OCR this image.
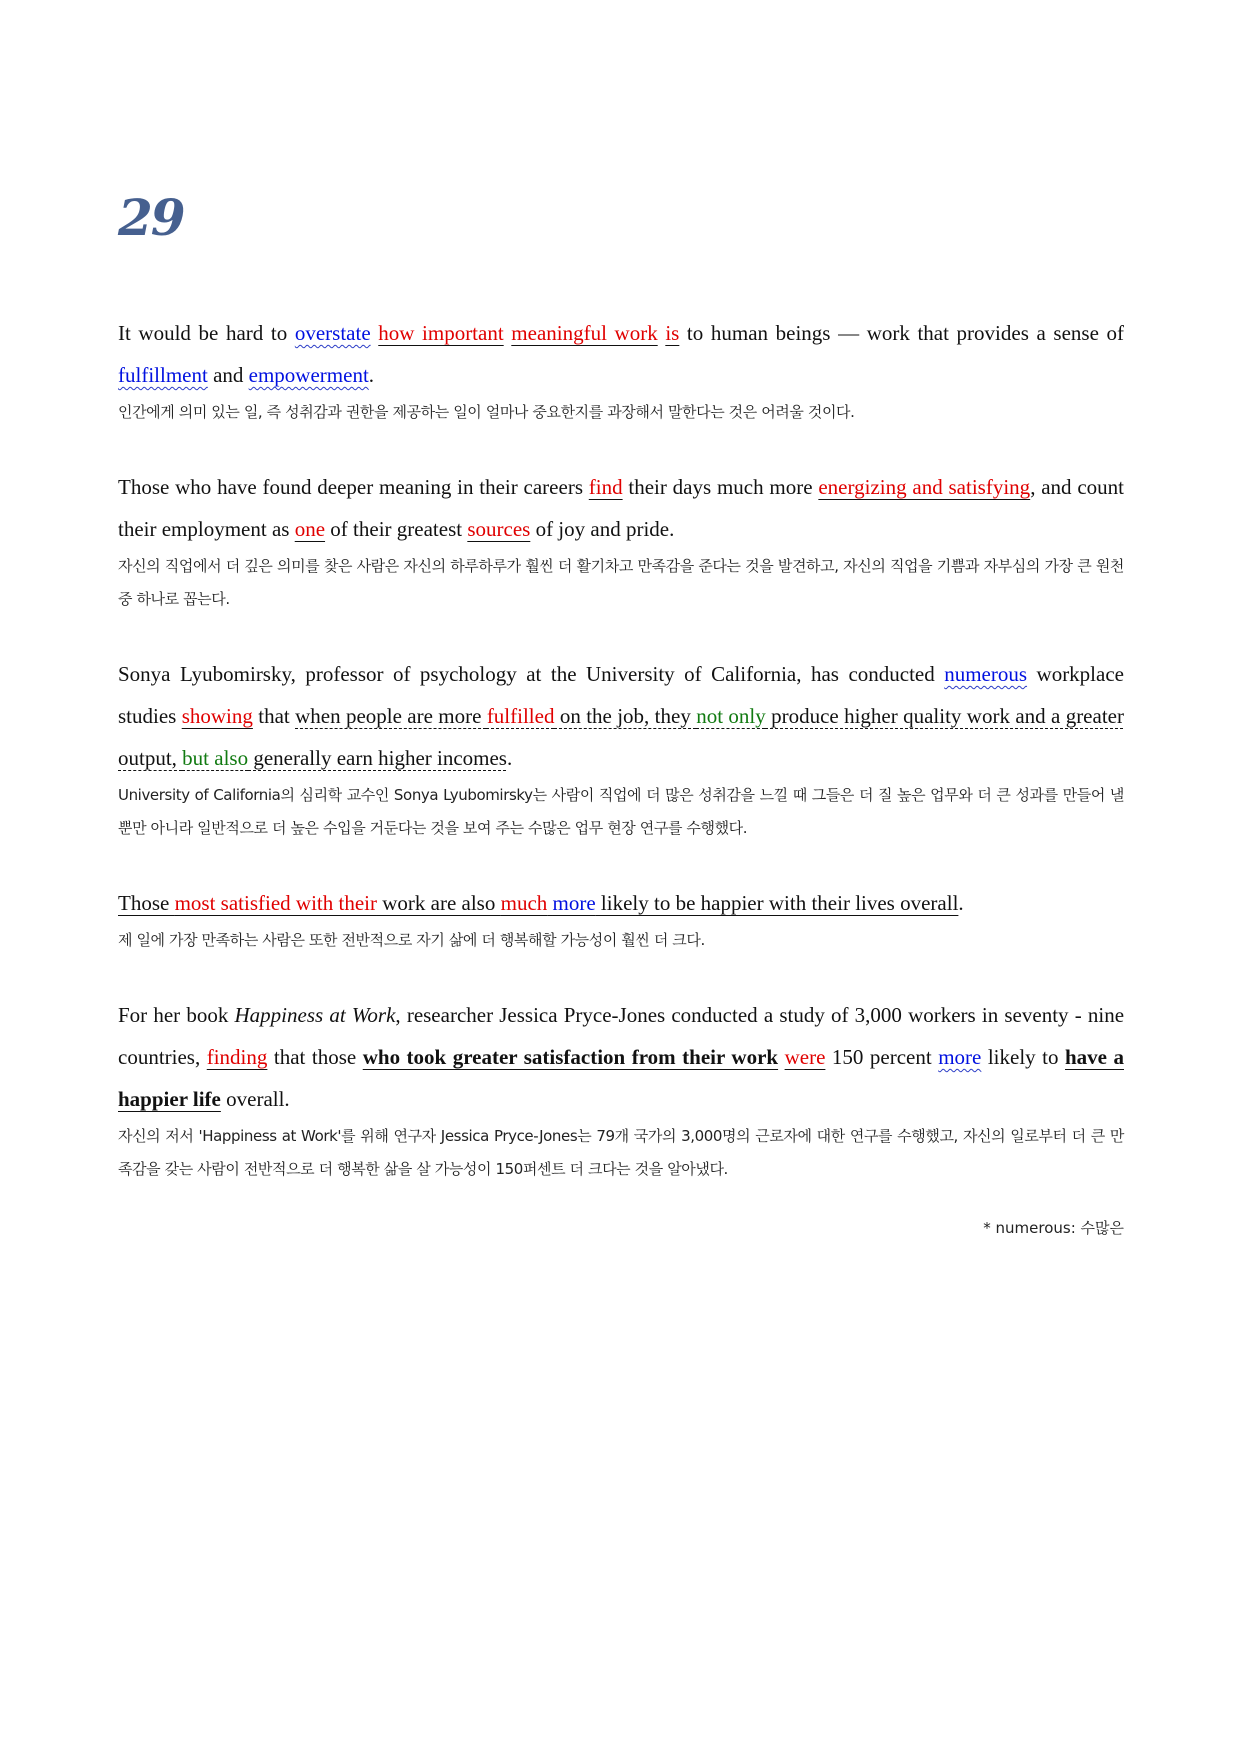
29

It would be hard to overstate how important meaningful work is to human beings — work that provides a sense of fulfillment and empowerment.

인간에게 의미 있는 일, 즉 성취감과 권한을 제공하는 일이 얼마나 중요한지를 과장해서 말한다는 것은 어려울 것이다.

Those who have found deeper meaning in their careers find their days much more energizing and satisfying, and count their employment as one of their greatest sources of joy and pride.

자신의 직업에서 더 깊은 의미를 찾은 사람은 자신의 하루하루가 훨씬 더 활기차고 만족감을 준다는 것을 발견하고, 자신의 직업을 기쁨과 자부심의 가장 큰 원천 중 하나로 꼽는다.

Sonya Lyubomirsky, professor of psychology at the University of California, has conducted numerous workplace studies showing that when people are more fulfilled on the job, they not only produce higher quality work and a greater output, but also generally earn higher incomes.

University of California의 심리학 교수인 Sonya Lyubomirsky는 사람이 직업에 더 많은 성취감을 느낄 때 그들은 더 질 높은 업무와 더 큰 성과를 만들어 낼 뿐만 아니라 일반적으로 더 높은 수입을 거둔다는 것을 보여 주는 수많은 업무 현장 연구를 수행했다.

Those most satisfied with their work are also much more likely to be happier with their lives overall.

제 일에 가장 만족하는 사람은 또한 전반적으로 자기 삶에 더 행복해할 가능성이 훨씬 더 크다.

For her book Happiness at Work, researcher Jessica Pryce-Jones conducted a study of 3,000 workers in seventy - nine countries, finding that those who took greater satisfaction from their work were 150 percent more likely to have a happier life overall.

자신의 저서 'Happiness at Work'를 위해 연구자 Jessica Pryce-Jones는 79개 국가의 3,000명의 근로자에 대한 연구를 수행했고, 자신의 일로부터 더 큰 만족감을 갖는 사람이 전반적으로 더 행복한 삶을 살 가능성이 150퍼센트 더 크다는 것을 알아냈다.

* numerous: 수많은
